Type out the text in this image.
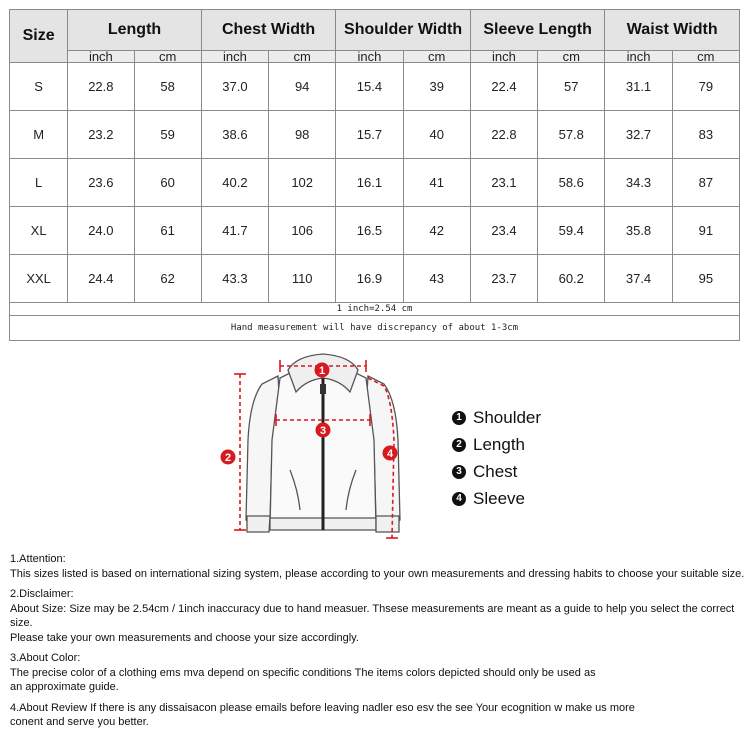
Size	Length		Chest Width		Shoulder Width		Sleeve Length		Waist Width	
	inch	cm	inch	cm	inch	cm	inch	cm	inch	cm
S	22.8	58	37.0	94	15.4	39	22.4	57	31.1	79
M	23.2	59	38.6	98	15.7	40	22.8	57.8	32.7	83
L	23.6	60	40.2	102	16.1	41	23.1	58.6	34.3	87
XL	24.0	61	41.7	106	16.5	42	23.4	59.4	35.8	91
XXL	24.4	62	43.3	110	16.9	43	23.7	60.2	37.4	95
1 inch=2.54 cm										
Hand measurement will have discrepancy of about 1-3cm										
1
2
3
4
1 Shoulder
2 Length
3 Chest
4 Sleeve

1.Attention:
This sizes listed is based on international sizing system, please according to your own measurements and dressing habits to choose your suitable size.

2.Disclaimer:
About Size: Size may be 2.54cm / 1inch inaccuracy due to hand measuer. Thsese measurements are meant as a guide to help you select the correct size.
Please take your own measurements and choose your size accordingly.

3.About Color:
The precise color of a clothing ems mva depend on specific conditions The items colors depicted should only be used as
an approximate guide.

4.About Review If there is any dissaisacon please emails before leaving nadler eso esv the see Your ecognition w make us more
conent and serve you better.
